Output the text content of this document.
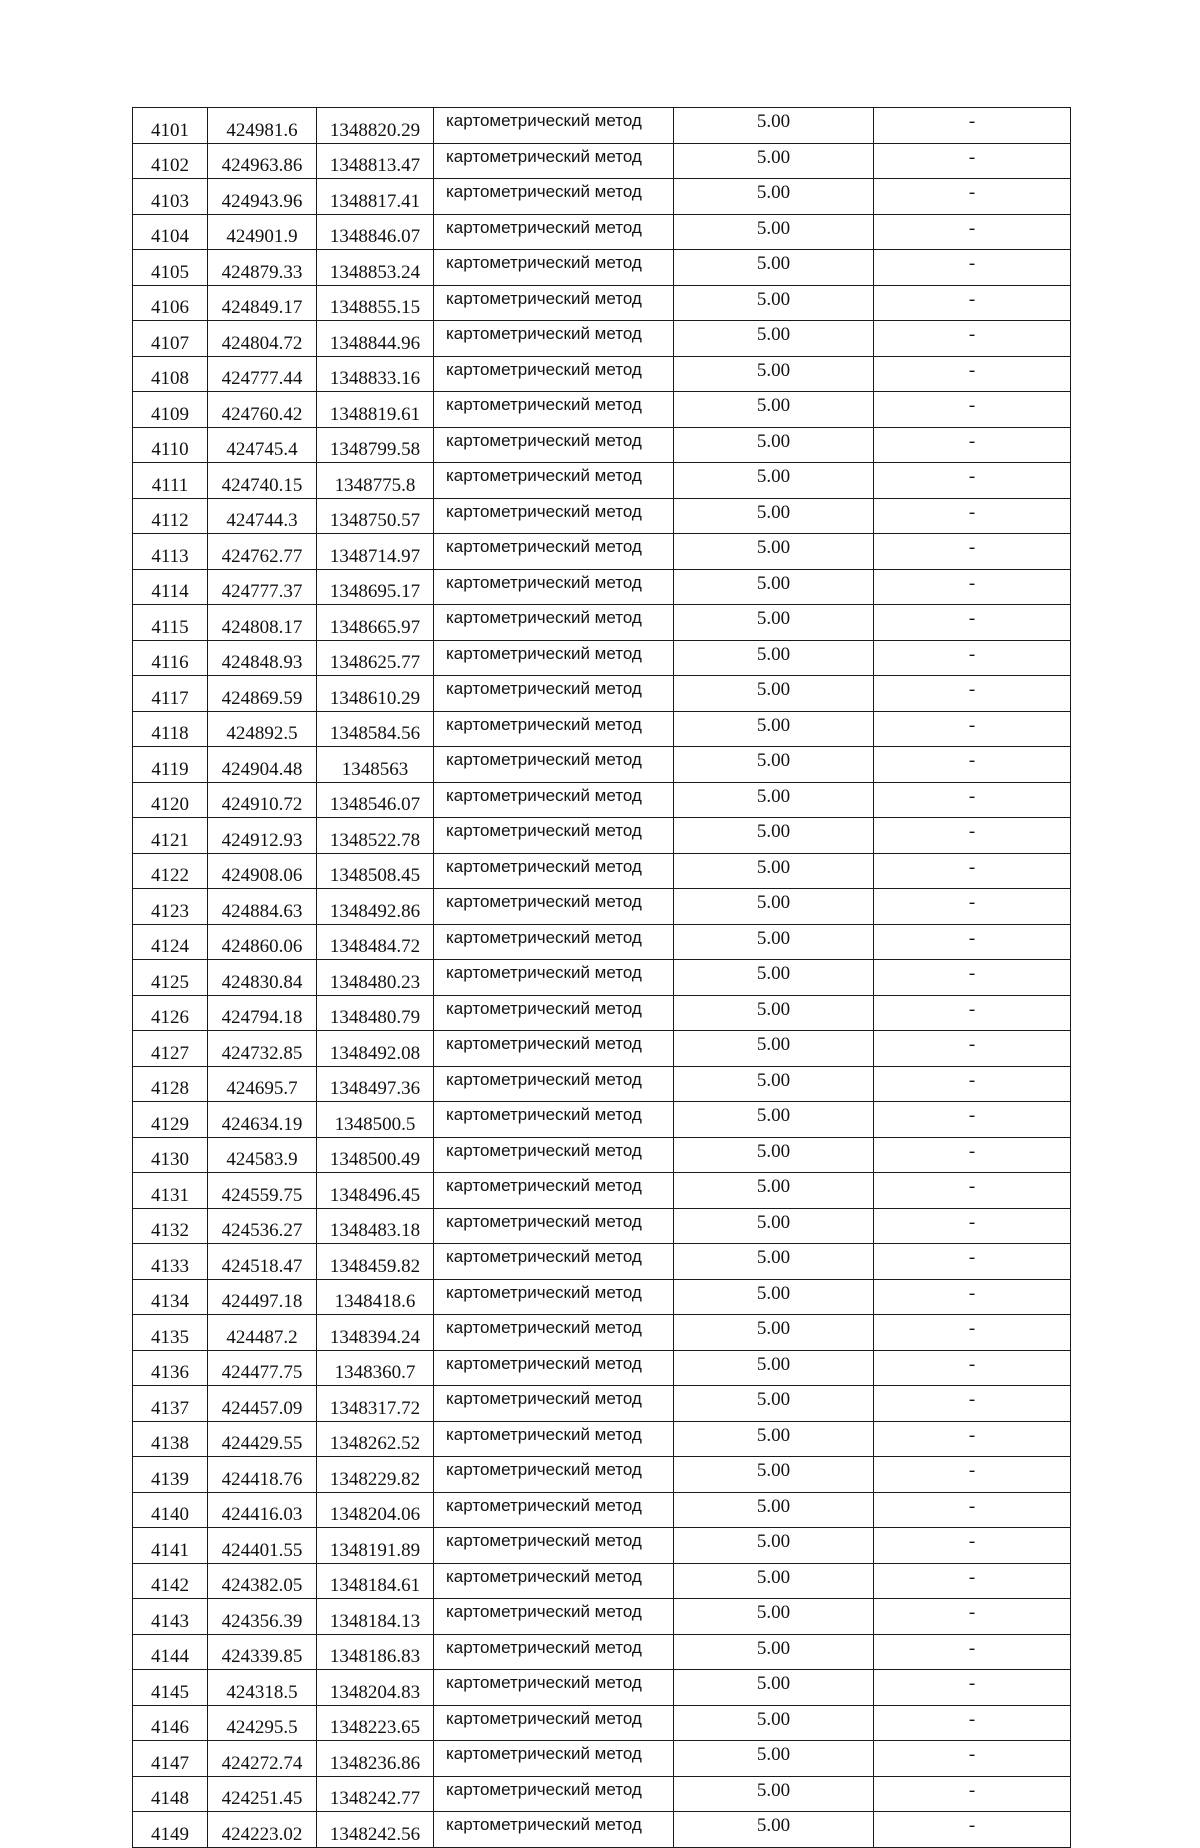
4101	424981.6	1348820.29	картометрический метод	5.00	-
4102	424963.86	1348813.47	картометрический метод	5.00	-
4103	424943.96	1348817.41	картометрический метод	5.00	-
4104	424901.9	1348846.07	картометрический метод	5.00	-
4105	424879.33	1348853.24	картометрический метод	5.00	-
4106	424849.17	1348855.15	картометрический метод	5.00	-
4107	424804.72	1348844.96	картометрический метод	5.00	-
4108	424777.44	1348833.16	картометрический метод	5.00	-
4109	424760.42	1348819.61	картометрический метод	5.00	-
4110	424745.4	1348799.58	картометрический метод	5.00	-
4111	424740.15	1348775.8	картометрический метод	5.00	-
4112	424744.3	1348750.57	картометрический метод	5.00	-
4113	424762.77	1348714.97	картометрический метод	5.00	-
4114	424777.37	1348695.17	картометрический метод	5.00	-
4115	424808.17	1348665.97	картометрический метод	5.00	-
4116	424848.93	1348625.77	картометрический метод	5.00	-
4117	424869.59	1348610.29	картометрический метод	5.00	-
4118	424892.5	1348584.56	картометрический метод	5.00	-
4119	424904.48	1348563	картометрический метод	5.00	-
4120	424910.72	1348546.07	картометрический метод	5.00	-
4121	424912.93	1348522.78	картометрический метод	5.00	-
4122	424908.06	1348508.45	картометрический метод	5.00	-
4123	424884.63	1348492.86	картометрический метод	5.00	-
4124	424860.06	1348484.72	картометрический метод	5.00	-
4125	424830.84	1348480.23	картометрический метод	5.00	-
4126	424794.18	1348480.79	картометрический метод	5.00	-
4127	424732.85	1348492.08	картометрический метод	5.00	-
4128	424695.7	1348497.36	картометрический метод	5.00	-
4129	424634.19	1348500.5	картометрический метод	5.00	-
4130	424583.9	1348500.49	картометрический метод	5.00	-
4131	424559.75	1348496.45	картометрический метод	5.00	-
4132	424536.27	1348483.18	картометрический метод	5.00	-
4133	424518.47	1348459.82	картометрический метод	5.00	-
4134	424497.18	1348418.6	картометрический метод	5.00	-
4135	424487.2	1348394.24	картометрический метод	5.00	-
4136	424477.75	1348360.7	картометрический метод	5.00	-
4137	424457.09	1348317.72	картометрический метод	5.00	-
4138	424429.55	1348262.52	картометрический метод	5.00	-
4139	424418.76	1348229.82	картометрический метод	5.00	-
4140	424416.03	1348204.06	картометрический метод	5.00	-
4141	424401.55	1348191.89	картометрический метод	5.00	-
4142	424382.05	1348184.61	картометрический метод	5.00	-
4143	424356.39	1348184.13	картометрический метод	5.00	-
4144	424339.85	1348186.83	картометрический метод	5.00	-
4145	424318.5	1348204.83	картометрический метод	5.00	-
4146	424295.5	1348223.65	картометрический метод	5.00	-
4147	424272.74	1348236.86	картометрический метод	5.00	-
4148	424251.45	1348242.77	картометрический метод	5.00	-
4149	424223.02	1348242.56	картометрический метод	5.00	-
